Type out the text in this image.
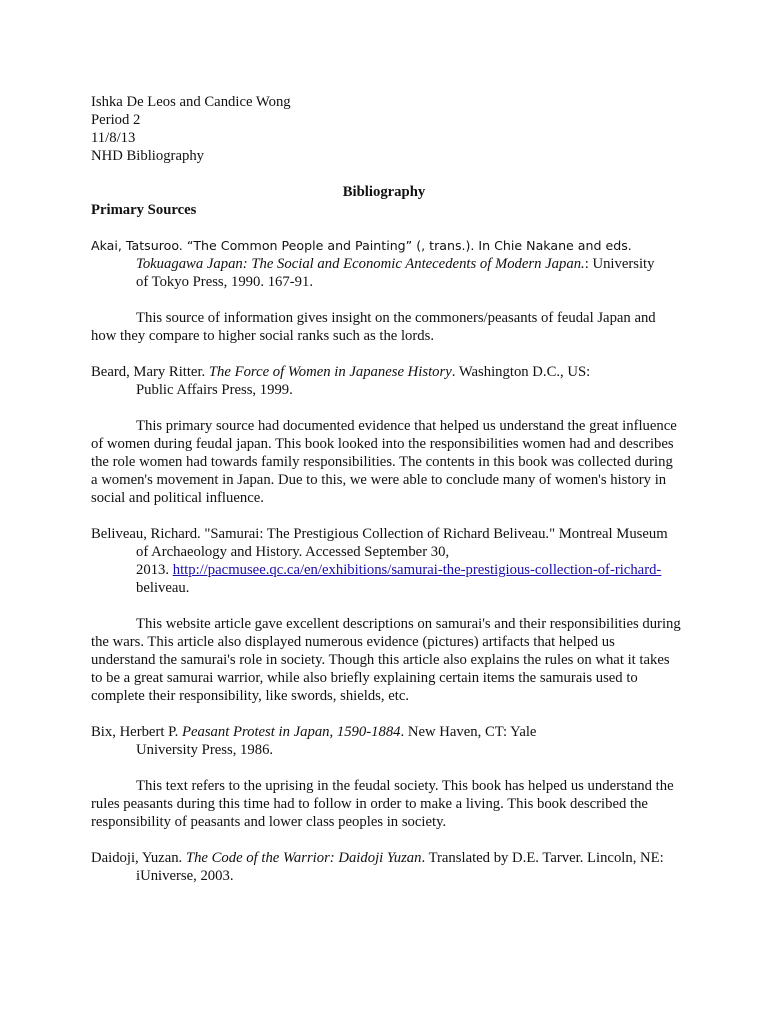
Ishka De Leos and Candice Wong
Period 2
11/8/13
NHD Bibliography
Bibliography
Primary Sources
Akai, Tatsuroo. “The Common People and Painting” (, trans.). In Chie Nakane and eds.
Tokuagawa Japan: The Social and Economic Antecedents of Modern Japan.: University
of Tokyo Press, 1990. 167-91.
This source of information gives insight on the commoners/peasants of feudal Japan and
how they compare to higher social ranks such as the lords.
Beard, Mary Ritter. The Force of Women in Japanese History. Washington D.C., US:
Public Affairs Press, 1999.
This primary source had documented evidence that helped us understand the great influence
of women during feudal japan. This book looked into the responsibilities women had and describes
the role women had towards family responsibilities. The contents in this book was collected during
a women's movement in Japan. Due to this, we were able to conclude many of women's history in
social and political influence.
Beliveau, Richard. "Samurai: The Prestigious Collection of Richard Beliveau." Montreal Museum
of Archaeology and History. Accessed September 30,
2013. http://pacmusee.qc.ca/en/exhibitions/samurai-the-prestigious-collection-of-richard-
beliveau.
This website article gave excellent descriptions on samurai's and their responsibilities during
the wars. This article also displayed numerous evidence (pictures) artifacts that helped us
understand the samurai's role in society. Though this article also explains the rules on what it takes
to be a great samurai warrior, while also briefly explaining certain items the samurais used to
complete their responsibility, like swords, shields, etc.
Bix, Herbert P. Peasant Protest in Japan, 1590-1884. New Haven, CT: Yale
University Press, 1986.
This text refers to the uprising in the feudal society. This book has helped us understand the
rules peasants during this time had to follow in order to make a living. This book described the
responsibility of peasants and lower class peoples in society.
Daidoji, Yuzan. The Code of the Warrior: Daidoji Yuzan. Translated by D.E. Tarver. Lincoln, NE:
iUniverse, 2003.
